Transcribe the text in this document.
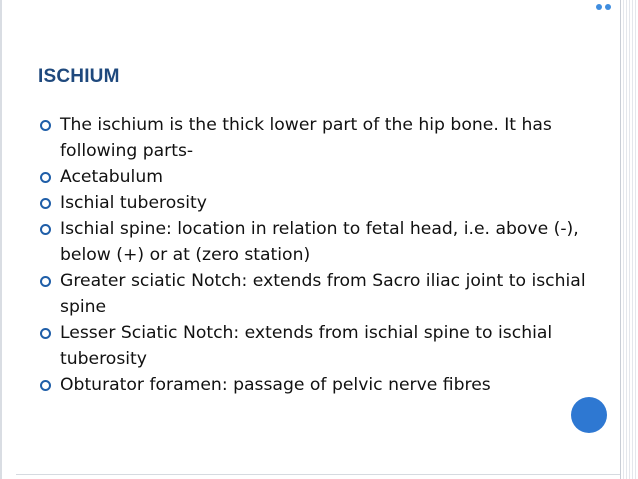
ISCHIUM
The ischium is the thick lower part of the hip bone. It has following parts-
Acetabulum
Ischial tuberosity
Ischial spine: location in relation to fetal head, i.e. above (-), below (+) or at (zero station)
Greater sciatic Notch: extends from Sacro iliac joint to ischial spine
Lesser Sciatic Notch: extends from ischial spine to ischial tuberosity
Obturator foramen: passage of pelvic nerve fibres
